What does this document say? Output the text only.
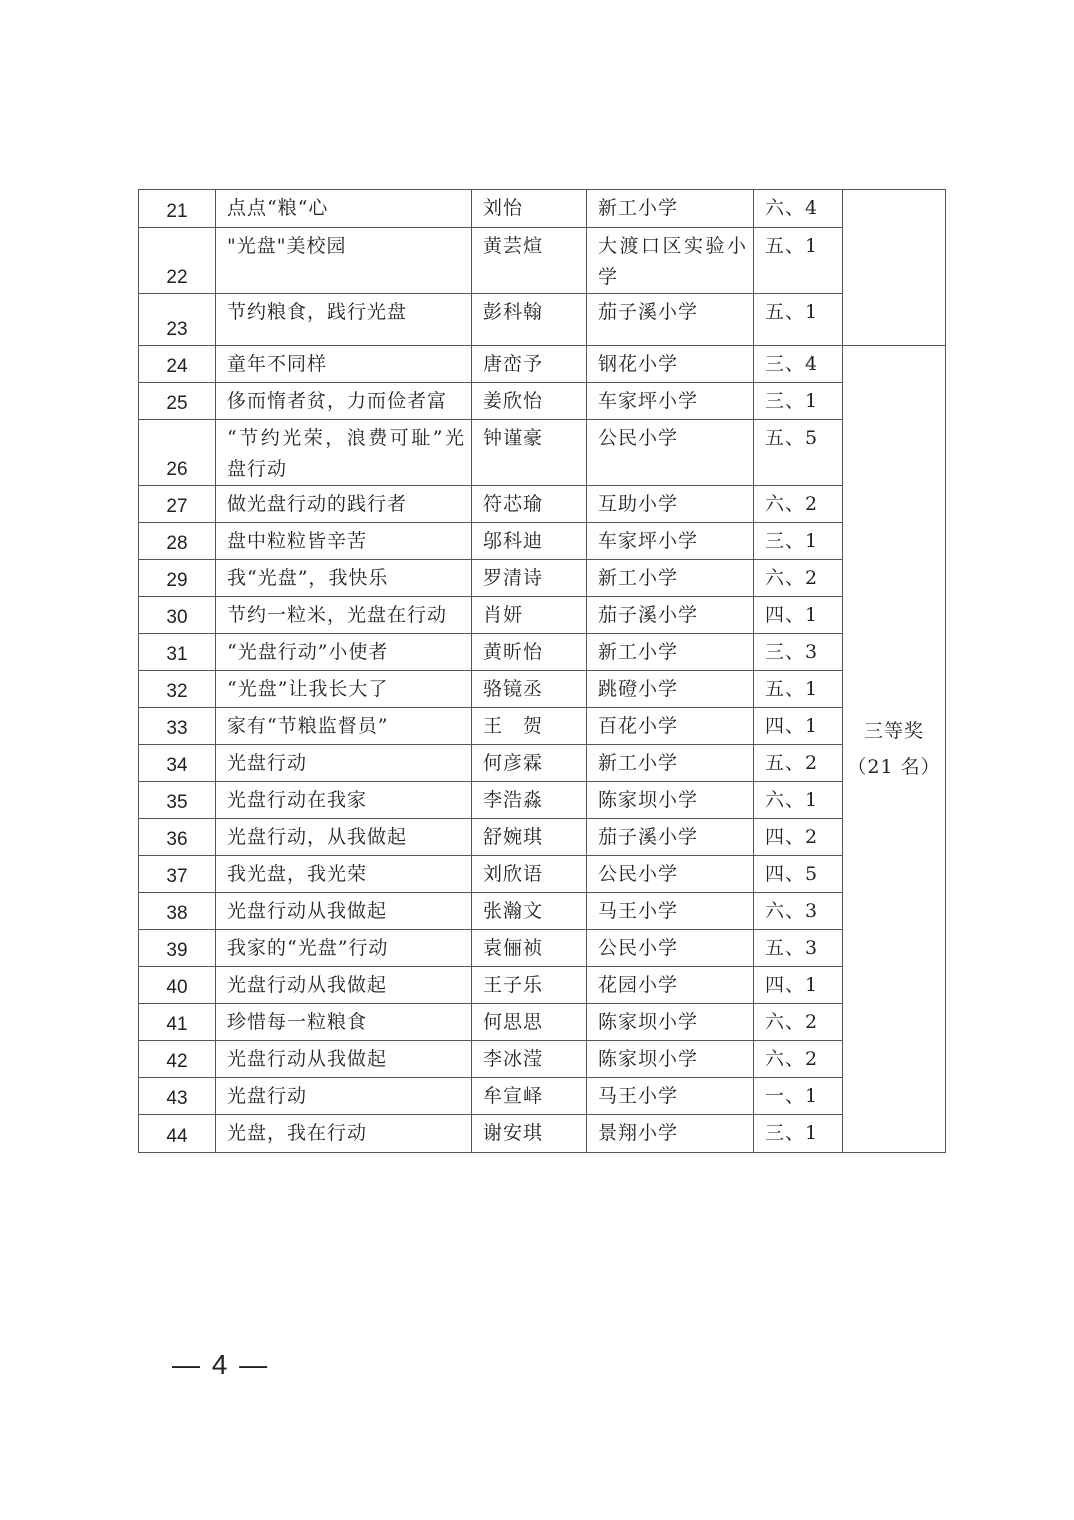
21	点点“粮“心	刘怡	新工小学	六、4	
22	"光盘"美校园	黄芸煊	大渡口区实验小学	五、1	
23	节约粮食，践行光盘	彭科翰	茄子溪小学	五、1	
24	童年不同样	唐峦予	钢花小学	三、4	三等奖
（21 名）

25	侈而惰者贫，力而俭者富	姜欣怡	车家坪小学	三、1	
26	“节约光荣，浪费可耻”光盘行动	钟谨豪	公民小学	五、5	
27	做光盘行动的践行者	符芯瑜	互助小学	六、2	
28	盘中粒粒皆辛苦	邬科迪	车家坪小学	三、1	
29	我“光盘”，我快乐	罗清诗	新工小学	六、2	
30	节约一粒米，光盘在行动	肖妍	茄子溪小学	四、1	
31	“光盘行动”小使者	黄昕怡	新工小学	三、3	
32	“光盘”让我长大了	骆镜丞	跳磴小学	五、1	
33	家有“节粮监督员”	王　贺	百花小学	四、1	
34	光盘行动	何彦霖	新工小学	五、2	
35	光盘行动在我家	李浩淼	陈家坝小学	六、1	
36	光盘行动，从我做起	舒婉琪	茄子溪小学	四、2	
37	我光盘，我光荣	刘欣语	公民小学	四、5	
38	光盘行动从我做起	张瀚文	马王小学	六、3	
39	我家的“光盘”行动	袁俪祯	公民小学	五、3	
40	光盘行动从我做起	王子乐	花园小学	四、1	
41	珍惜每一粒粮食	何思思	陈家坝小学	六、2	
42	光盘行动从我做起	李冰滢	陈家坝小学	六、2	
43	光盘行动	牟宣峄	马王小学	一、1	
44	光盘，我在行动	谢安琪	景翔小学	三、1	
— 4 —
